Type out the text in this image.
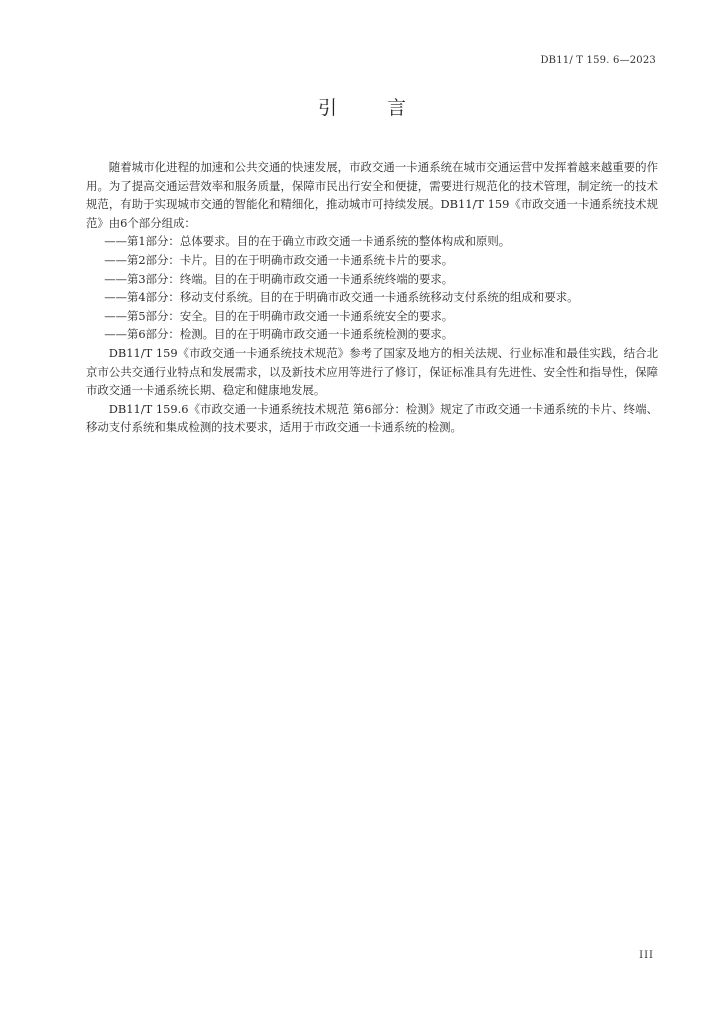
DB11/ T 159. 6—2023
引 言

随着城市化进程的加速和公共交通的快速发展，市政交通一卡通系统在城市交通运营中发挥着越来越重要的作用。为了提高交通运营效率和服务质量，保障市民出行安全和便捷，需要进行规范化的技术管理，制定统一的技术规范，有助于实现城市交通的智能化和精细化，推动城市可持续发展。DB11/T 159《市政交通一卡通系统技术规范》由6个部分组成：

——第1部分：总体要求。目的在于确立市政交通一卡通系统的整体构成和原则。

——第2部分：卡片。目的在于明确市政交通一卡通系统卡片的要求。

——第3部分：终端。目的在于明确市政交通一卡通系统终端的要求。

——第4部分：移动支付系统。目的在于明确市政交通一卡通系统移动支付系统的组成和要求。

——第5部分：安全。目的在于明确市政交通一卡通系统安全的要求。

——第6部分：检测。目的在于明确市政交通一卡通系统检测的要求。

DB11/T 159《市政交通一卡通系统技术规范》参考了国家及地方的相关法规、行业标准和最佳实践，结合北京市公共交通行业特点和发展需求，以及新技术应用等进行了修订，保证标准具有先进性、安全性和指导性，保障市政交通一卡通系统长期、稳定和健康地发展。

DB11/T 159.6《市政交通一卡通系统技术规范 第6部分：检测》规定了市政交通一卡通系统的卡片、终端、移动支付系统和集成检测的技术要求，适用于市政交通一卡通系统的检测。

III
